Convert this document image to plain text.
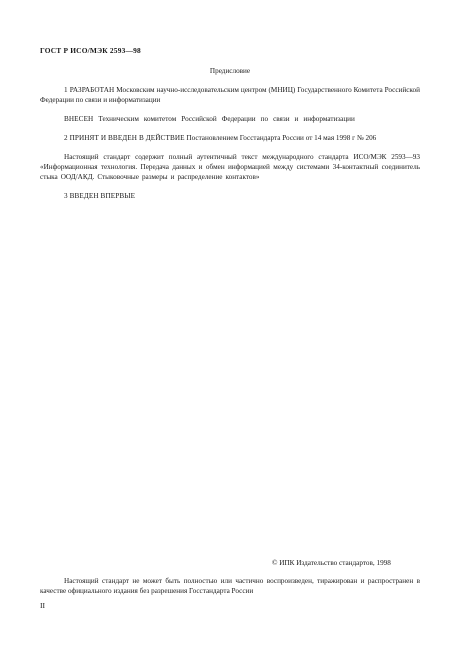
ГОСТ Р ИСО/МЭК 2593—98
Предисловие
1 РАЗРАБОТАН Московским научно-исследовательским центром (МНИЦ) Государственного Комитета Российской Федерации по связи и информатизации
ВНЕСЕН Техническим комитетом Российской Федерации по связи и информатизации
2 ПРИНЯТ И ВВЕДЕН В ДЕЙСТВИЕ Постановлением Госстандарта России от 14 мая 1998 г № 206
Настоящий стандарт содержит полный аутентичный текст международного стандарта ИСО/МЭК 2593—93 «Информационная технология. Передача данных и обмен информацией между системами 34-контактный соединитель стыка ООД/АКД. Стыковочные размеры и распределение контактов»
3 ВВЕДЕН ВПЕРВЫЕ
© ИПК Издательство стандартов, 1998
Настоящий стандарт не может быть полностью или частично воспроизведен, тиражирован и распространен в качестве официального издания без разрешения Госстандарта России
II
